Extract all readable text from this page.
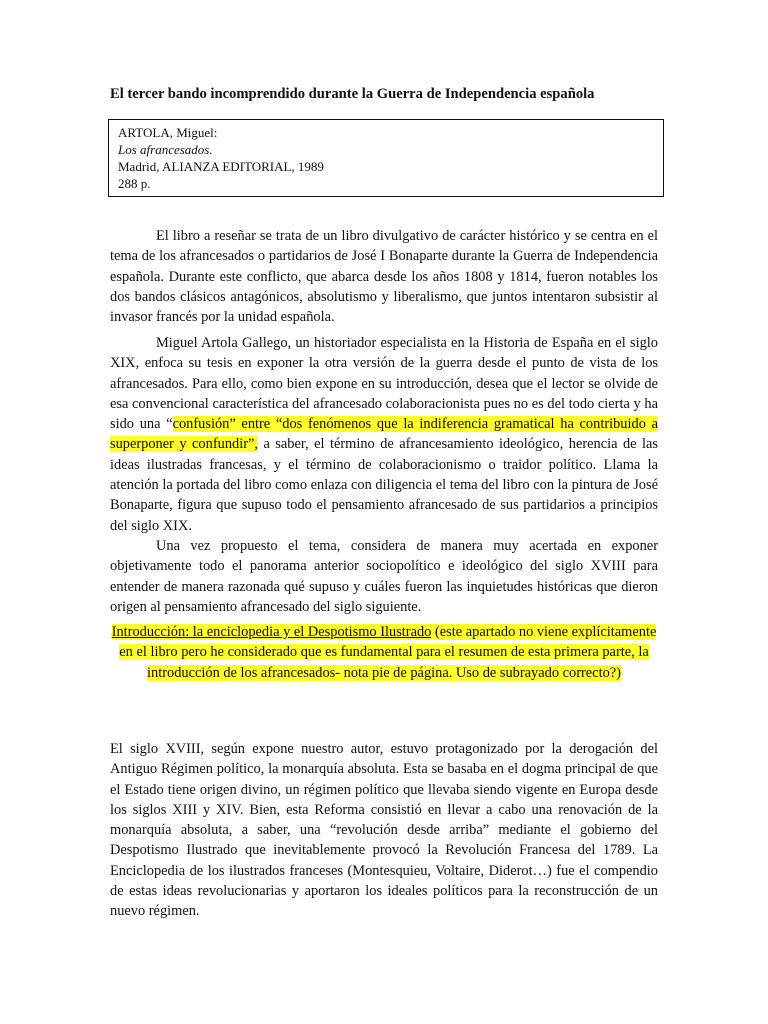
El tercer bando incomprendido durante la Guerra de Independencia española
ARTOLA, Miguel:
Los afrancesados.
Madrid, ALIANZA EDITORIAL, 1989
288 p.
El libro a reseñar se trata de un libro divulgativo de carácter histórico y se centra en el tema de los afrancesados o partidarios de José I Bonaparte durante la Guerra de Independencia española. Durante este conflicto, que abarca desde los años 1808 y 1814, fueron notables los dos bandos clásicos antagónicos, absolutismo y liberalismo, que juntos intentaron subsistir al invasor francés por la unidad española.
Miguel Artola Gallego, un historiador especialista en la Historia de España en el siglo XIX, enfoca su tesis en exponer la otra versión de la guerra desde el punto de vista de los afrancesados. Para ello, como bien expone en su introducción, desea que el lector se olvide de esa convencional característica del afrancesado colaboracionista pues no es del todo cierta y ha sido una “confusión” entre “dos fenómenos que la indiferencia gramatical ha contribuido a superponer y confundir”, a saber, el término de afrancesamiento ideológico, herencia de las ideas ilustradas francesas, y el término de colaboracionismo o traidor político. Llama la atención la portada del libro como enlaza con diligencia el tema del libro con la pintura de José Bonaparte, figura que supuso todo el pensamiento afrancesado de sus partidarios a principios del siglo XIX.
Una vez propuesto el tema, considera de manera muy acertada en exponer objetivamente todo el panorama anterior sociopolítico e ideológico del siglo XVIII para entender de manera razonada qué supuso y cuáles fueron las inquietudes históricas que dieron origen al pensamiento afrancesado del siglo siguiente.
Introducción: la enciclopedia y el Despotismo Ilustrado (este apartado no viene explícitamente en el libro pero he considerado que es fundamental para el resumen de esta primera parte, la introducción de los afrancesados- nota pie de página. Uso de subrayado correcto?)
El siglo XVIII, según expone nuestro autor, estuvo protagonizado por la derogación del Antiguo Régimen político, la monarquía absoluta. Esta se basaba en el dogma principal de que el Estado tiene origen divino, un régimen político que llevaba siendo vigente en Europa desde los siglos XIII y XIV. Bien, esta Reforma consistió en llevar a cabo una renovación de la monarquía absoluta, a saber, una “revolución desde arriba” mediante el gobierno del Despotismo Ilustrado que inevitablemente provocó la Revolución Francesa del 1789. La Enciclopedia de los ilustrados franceses (Montesquieu, Voltaire, Diderot…) fue el compendio de estas ideas revolucionarias y aportaron los ideales políticos para la reconstrucción de un nuevo régimen.
